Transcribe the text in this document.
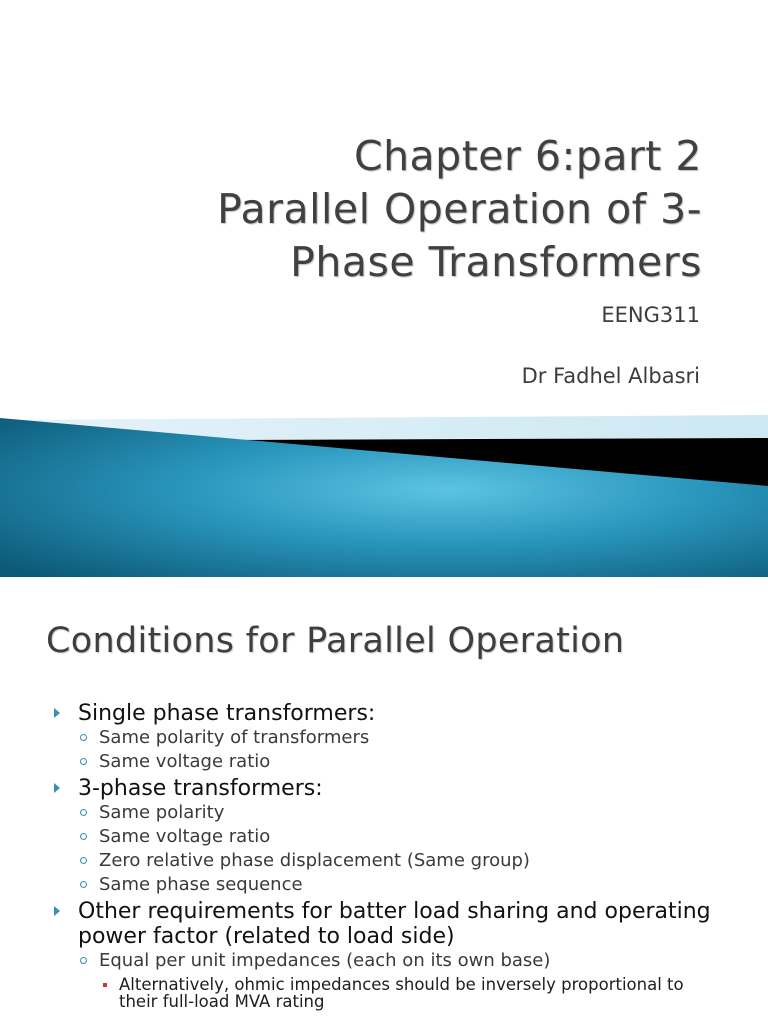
Chapter 6:part 2
Parallel Operation of 3-
Phase Transformers
EENG311
Dr Fadhel Albasri
Conditions for Parallel Operation
Single phase transformers:
Same polarity of transformers
Same voltage ratio
3-phase transformers:
Same polarity
Same voltage ratio
Zero relative phase displacement (Same group)
Same phase sequence
Other requirements for batter load sharing and operating power factor (related to load side)
Equal per unit impedances (each on its own base)
Alternatively, ohmic impedances should be inversely proportional to their full-load MVA rating
